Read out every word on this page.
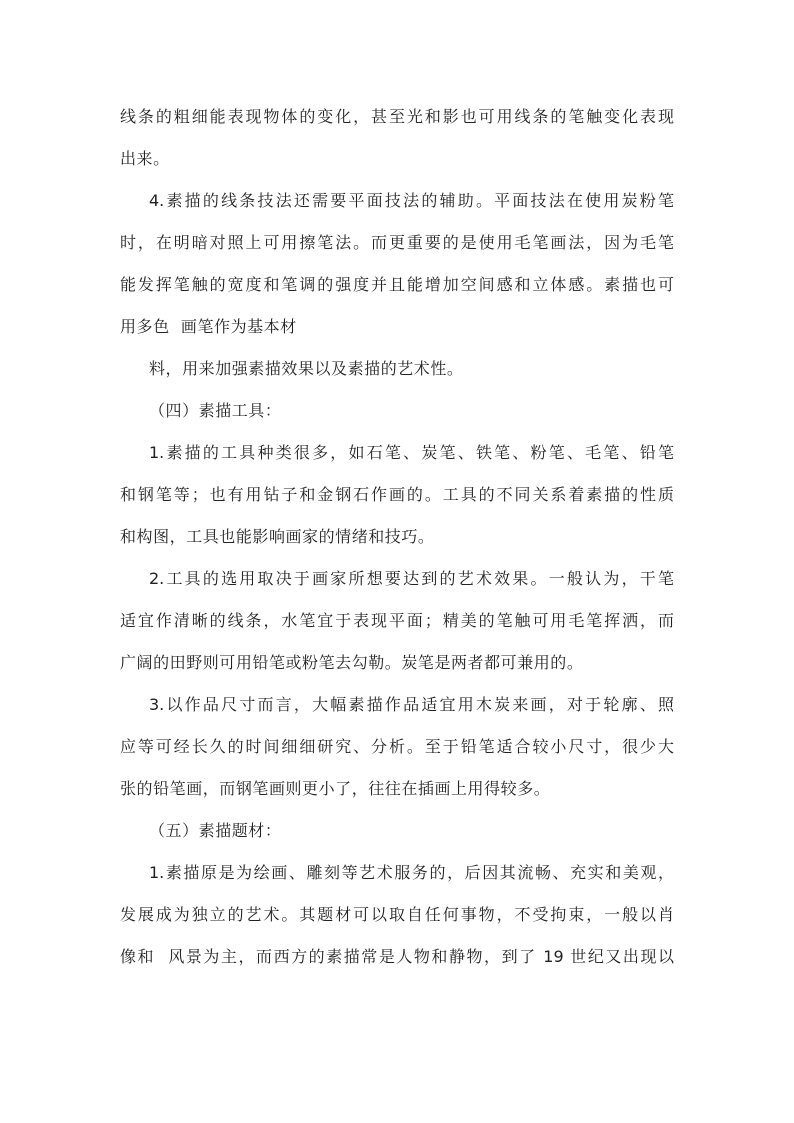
线条的粗细能表现物体的变化，甚至光和影也可用线条的笔触变化表现
出来。
4.素描的线条技法还需要平面技法的辅助。平面技法在使用炭粉笔
时，在明暗对照上可用擦笔法。而更重要的是使用毛笔画法，因为毛笔
能发挥笔触的宽度和笔调的强度并且能增加空间感和立体感。素描也可
用多色  画笔作为基本材
料，用来加强素描效果以及素描的艺术性。
（四）素描工具：
1.素描的工具种类很多，如石笔、炭笔、铁笔、粉笔、毛笔、铅笔
和钢笔等；也有用钻子和金钢石作画的。工具的不同关系着素描的性质
和构图，工具也能影响画家的情绪和技巧。
2.工具的选用取决于画家所想要达到的艺术效果。一般认为，干笔
适宜作清晰的线条，水笔宜于表现平面；精美的笔触可用毛笔挥洒，而
广阔的田野则可用铅笔或粉笔去勾勒。炭笔是两者都可兼用的。
3.以作品尺寸而言，大幅素描作品适宜用木炭来画，对于轮廓、照
应等可经长久的时间细细研究、分析。至于铅笔适合较小尺寸，很少大
张的铅笔画，而钢笔画则更小了，往往在插画上用得较多。
（五）素描题材：
1.素描原是为绘画、雕刻等艺术服务的，后因其流畅、充实和美观，
发展成为独立的艺术。其题材可以取自任何事物，不受拘束，一般以肖
像和  风景为主，而西方的素描常是人物和静物，到了 19 世纪又出现以
